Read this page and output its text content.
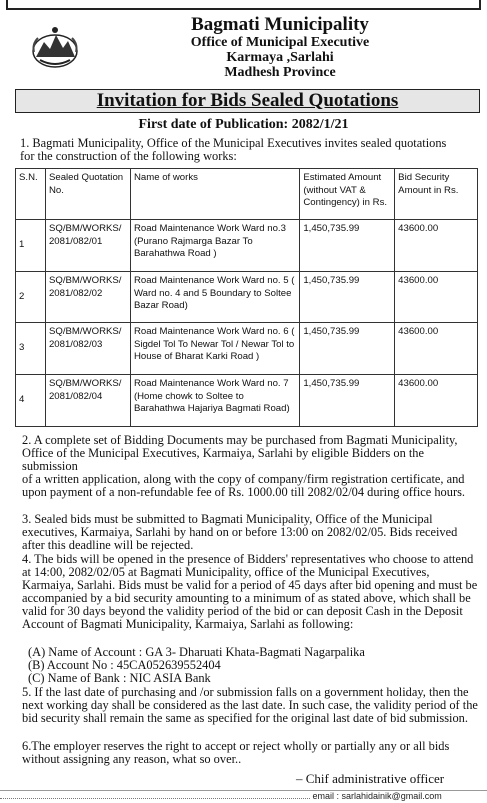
Bagmati Municipality
Office of Municipal Executive
Karmaya ,Sarlahi
Madhesh Province
Invitation for Bids Sealed Quotations
First date of Publication: 2082/1/21

1. Bagmati Municipality, Office of the Municipal Executives invites sealed quotations for the construction of the following works:

S.N.	Sealed Quotation No.	Name of works	Estimated Amount (without VAT & Contingency) in Rs.	Bid Security Amount in Rs.
1	SQ/BM/WORKS/ 2081/082/01	Road Maintenance Work Ward no.3 (Purano Rajmarga Bazar To Barahathwa Road )	1,450,735.99	43600.00
2	SQ/BM/WORKS/ 2081/082/02	Road Maintenance Work Ward no. 5 ( Ward no. 4 and 5 Boundary to Soltee Bazar Road)	1,450,735.99	43600.00
3	SQ/BM/WORKS/ 2081/082/03	Road Maintenance Work Ward no. 6 ( Sigdel Tol To Newar Tol / Newar Tol to House of Bharat Karki Road )	1,450,735.99	43600.00
4	SQ/BM/WORKS/ 2081/082/04	Road Maintenance Work Ward no. 7 (Home chowk to Soltee to Barahathwa Hajariya Bagmati Road)	1,450,735.99	43600.00

2. A complete set of Bidding Documents may be purchased from Bagmati Municipality, Office of the Municipal Executives, Karmaiya, Sarlahi by eligible Bidders on the submission

of a written application, along with the copy of company/firm registration certificate, and upon payment of a non-refundable fee of Rs. 1000.00 till 2082/02/04 during office hours.

3. Sealed bids must be submitted to Bagmati Municipality, Office of the Municipal executives, Karmaiya, Sarlahi by hand on or before 13:00 on 2082/02/05. Bids received after this deadline will be rejected.

4. The bids will be opened in the presence of Bidders' representatives who choose to attend at 14:00, 2082/02/05 at Bagmati Municipality, office of the Municipal Executives, Karmaiya, Sarlahi. Bids must be valid for a period of 45 days after bid opening and must be accompanied by a bid security amounting to a minimum of as stated above, which shall be valid for 30 days beyond the validity period of the bid or can deposit Cash in the Deposit Account of Bagmati Municipality, Karmaiya, Sarlahi as following:

(A) Name of Account : GA 3- Dharuati Khata-Bagmati Nagarpalika

(B) Account No : 45CA052639552404

(C) Name of Bank : NIC ASIA Bank

5. If the last date of purchasing and /or submission falls on a government holiday, then the next working day shall be considered as the last date. In such case, the validity period of the bid security shall remain the same as specified for the original last date of bid submission.

6.The employer reserves the right to accept or reject wholly or partially any or all bids without assigning any reason, what so over..

– Chif administrative officer

email : sarlahidainik@gmail.com
